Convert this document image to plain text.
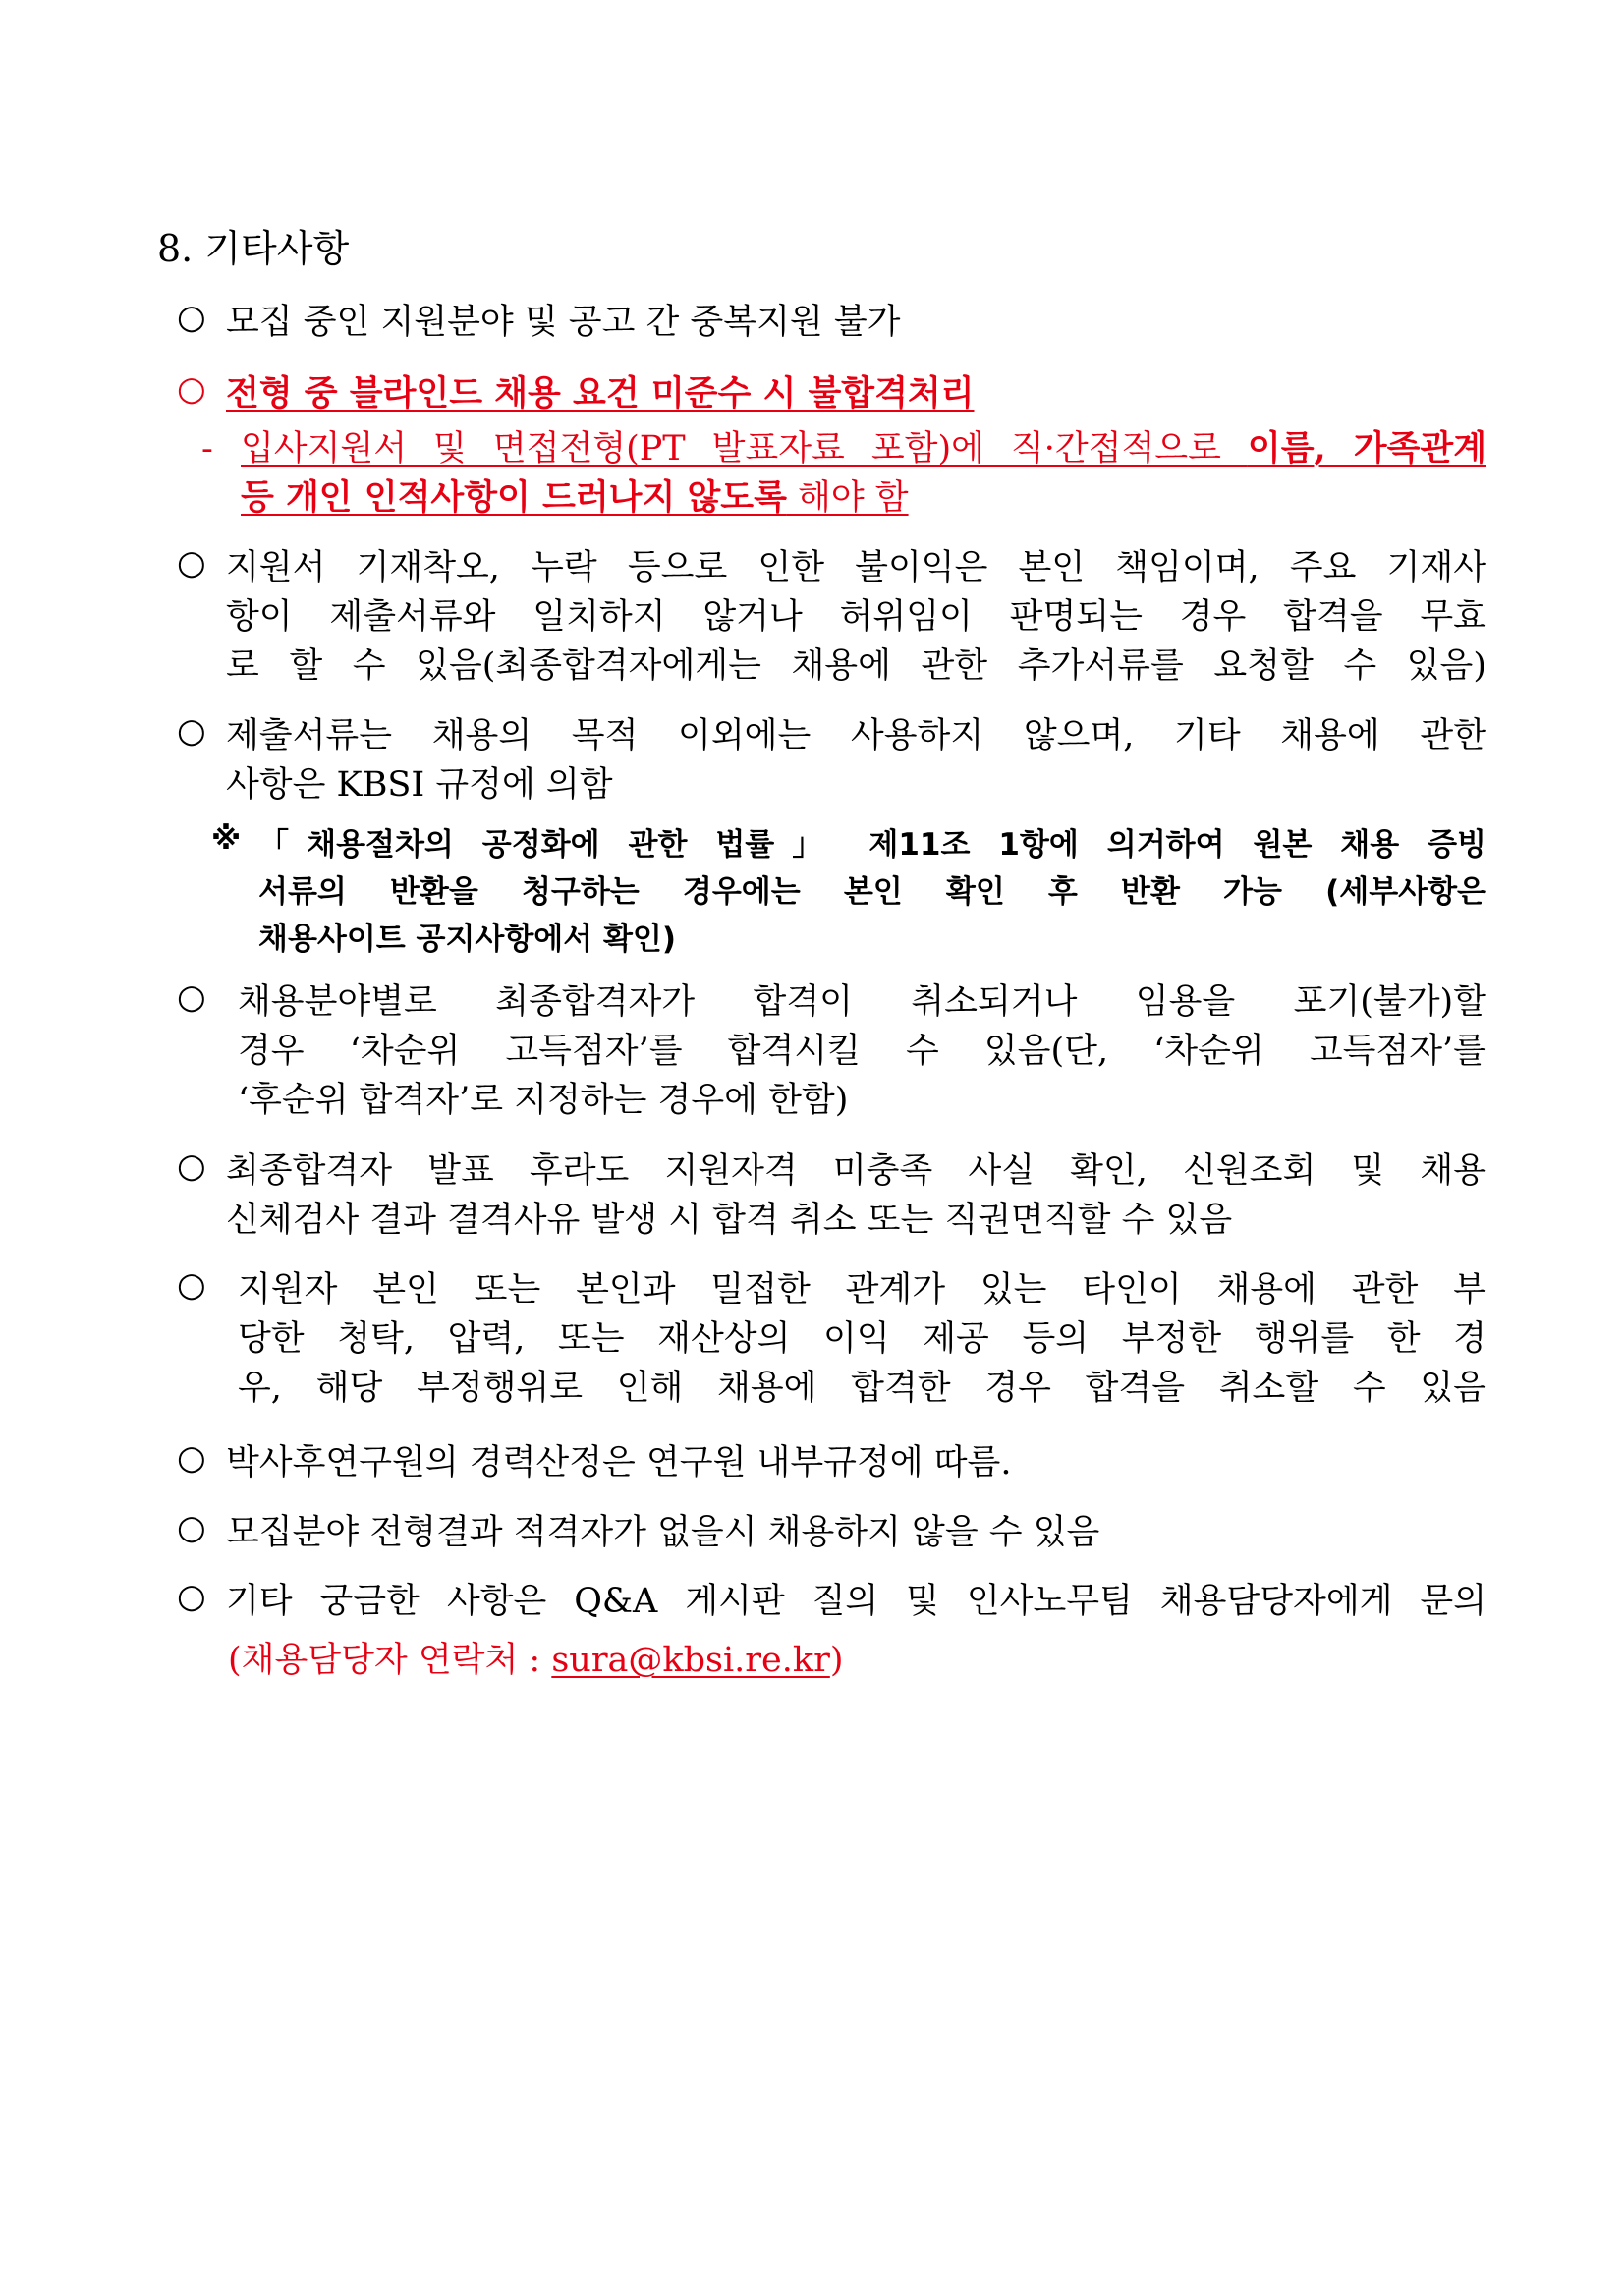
8. 기타사항
○ 모집 중인 지원분야 및 공고 간 중복지원 불가
○ 전형 중 블라인드 채용 요건 미준수 시 불합격처리
- 입사지원서 및 면접전형(PT 발표자료 포함)에 직·간접적으로 이름, 가족관계
등 개인 인적사항이 드러나지 않도록 해야 함
○ 지원서 기재착오, 누락 등으로 인한 불이익은 본인 책임이며, 주요 기재사
항이 제출서류와 일치하지 않거나 허위임이 판명되는 경우 합격을 무효
로 할 수 있음(최종합격자에게는 채용에 관한 추가서류를 요청할 수 있음)
○ 제출서류는 채용의 목적 이외에는 사용하지 않으며, 기타 채용에 관한
사항은 KBSI 규정에 의함
※ 「채용절차의 공정화에 관한 법률」 제11조 1항에 의거하여 원본 채용 증빙
서류의 반환을 청구하는 경우에는 본인 확인 후 반환 가능 (세부사항은
채용사이트 공지사항에서 확인)
○ 채용분야별로 최종합격자가 합격이 취소되거나 임용을 포기(불가)할
경우 ‘차순위 고득점자’를 합격시킬 수 있음(단, ‘차순위 고득점자’를
‘후순위 합격자’로 지정하는 경우에 한함)
○ 최종합격자 발표 후라도 지원자격 미충족 사실 확인, 신원조회 및 채용
신체검사 결과 결격사유 발생 시 합격 취소 또는 직권면직할 수 있음
○ 지원자 본인 또는 본인과 밀접한 관계가 있는 타인이 채용에 관한 부
당한 청탁, 압력, 또는 재산상의 이익 제공 등의 부정한 행위를 한 경
우, 해당 부정행위로 인해 채용에 합격한 경우 합격을 취소할 수 있음
○ 박사후연구원의 경력산정은 연구원 내부규정에 따름.
○ 모집분야 전형결과 적격자가 없을시 채용하지 않을 수 있음
○ 기타 궁금한 사항은 Q&A 게시판 질의 및 인사노무팀 채용담당자에게 문의
(채용담당자 연락처 : sura@kbsi.re.kr)
